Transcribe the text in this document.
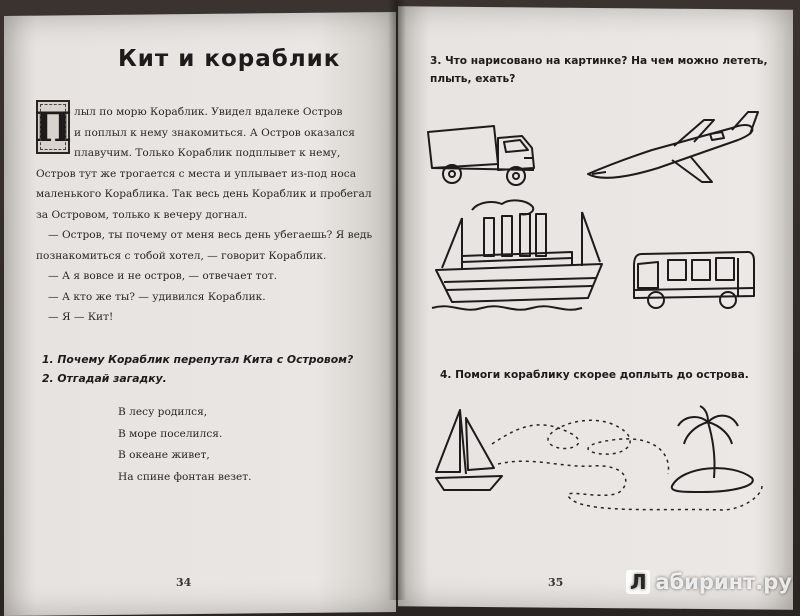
Кит и кораблик
П лыл по морю Кораблик. Увидел вдалеке Остров

и поплыл к нему знакомиться. А Остров оказался

плавучим. Только Кораблик подплывет к нему,

Остров тут же трогается с места и уплывает из-под носа

маленького Кораблика. Так весь день Кораблик и пробегал

за Островом, только к вечеру догнал.

— Остров, ты почему от меня весь день убегаешь? Я ведь

познакомиться с тобой хотел, — говорит Кораблик.

— А я вовсе и не остров, — отвечает тот.

— А кто же ты? — удивился Кораблик.

— Я — Кит!

1. Почему Кораблик перепутал Кита с Островом?
2. Отгадай загадку.
В лесу родился,
В море поселился.
В океане живет,
На спине фонтан везет.
34
3. Что нарисовано на картинке? На чем можно лететь,
плыть, ехать?
4. Помоги кораблику скорее доплыть до острова.
35	Л абиринт.ру
